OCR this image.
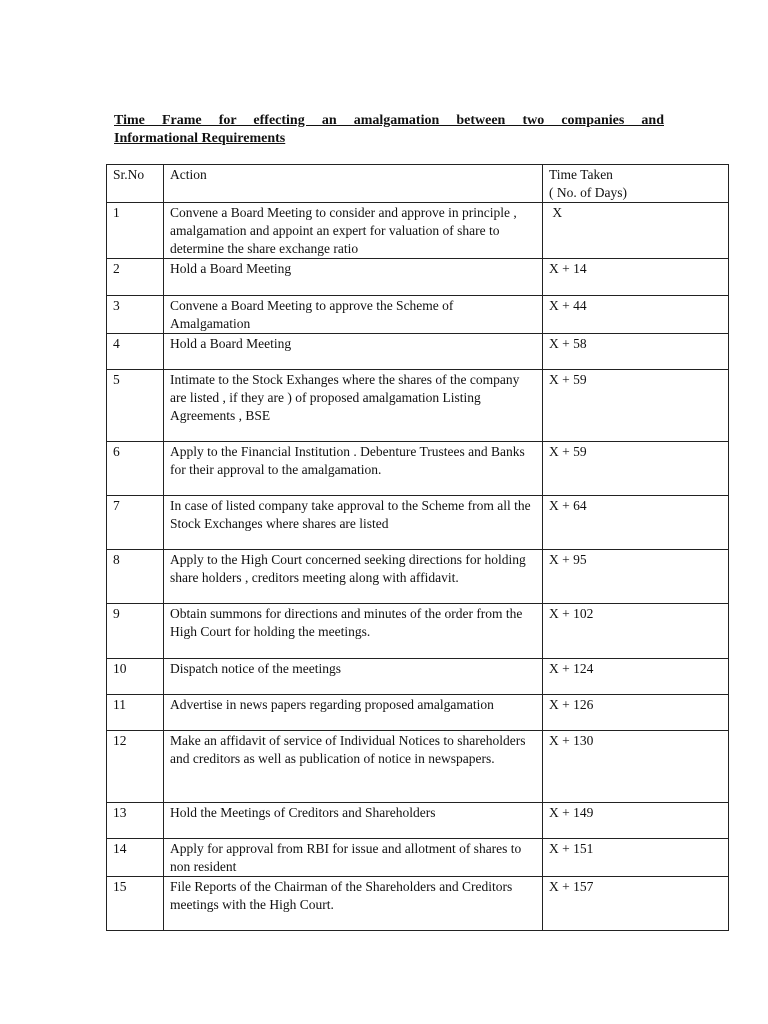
Time Frame for effecting an amalgamation between two companies and
Informational Requirements
Sr.No	Action	Time Taken
( No. of Days)
1	Convene a Board Meeting to consider and approve in principle , amalgamation and appoint an expert for valuation of share to determine the share exchange ratio	X
2	Hold a Board Meeting	X + 14
3	Convene a Board Meeting to approve the Scheme of Amalgamation	X + 44
4	Hold a Board Meeting	X + 58
5	Intimate to the Stock Exhanges where the shares of the company are listed , if they are ) of proposed amalgamation Listing Agreements , BSE	X + 59
6	Apply to the Financial Institution . Debenture Trustees and Banks for their approval to the amalgamation.	X + 59
7	In case of listed company take approval to the Scheme from all the Stock Exchanges where shares are listed	X + 64
8	Apply to the High Court concerned seeking directions for holding share holders , creditors meeting along with affidavit.	X + 95
9	Obtain summons for directions and minutes of the order from the High Court for holding the meetings.	X + 102
10	Dispatch notice of the meetings	X + 124
11	Advertise in news papers regarding proposed amalgamation	X + 126
12	Make an affidavit of service of Individual Notices to shareholders and creditors as well as publication of notice in newspapers.	X + 130
13	Hold the Meetings of Creditors and Shareholders	X + 149
14	Apply for approval from RBI for issue and allotment of shares to non resident	X + 151
15	File Reports of the Chairman of the Shareholders and Creditors meetings with the High Court.	X + 157
